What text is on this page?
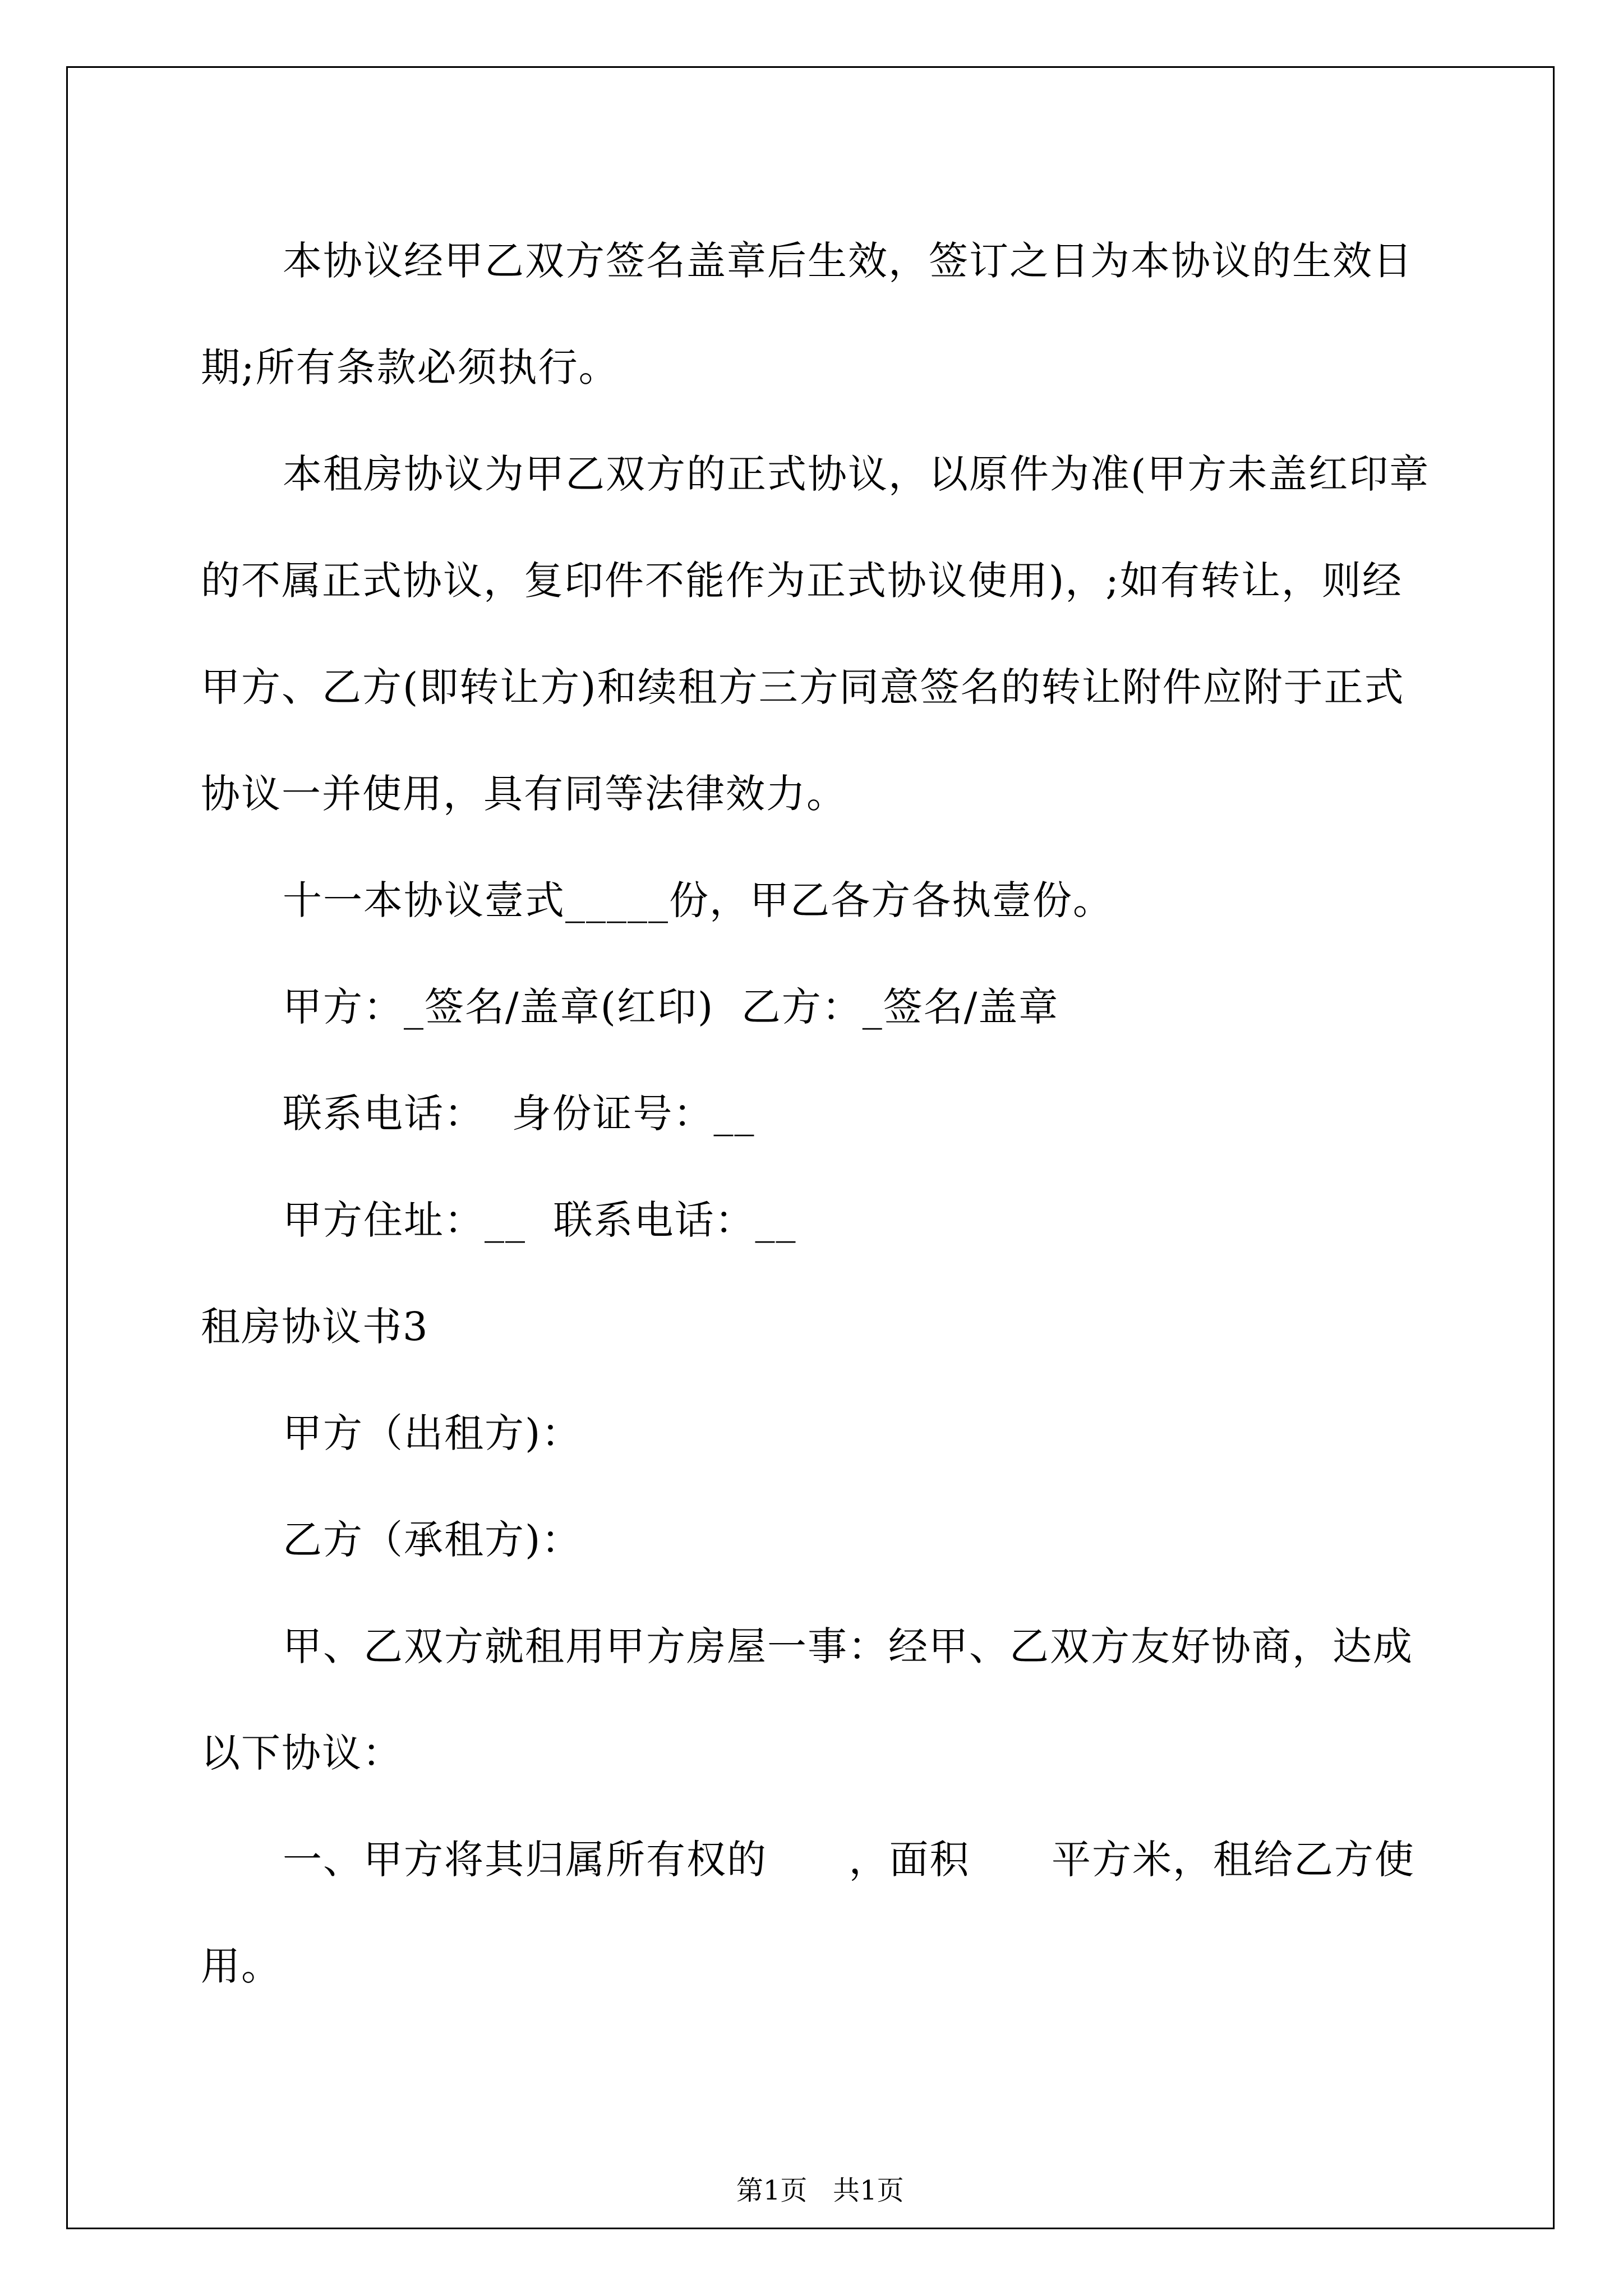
本协议经甲乙双方签名盖章后生效，签订之日为本协议的生效日

期;所有条款必须执行。

本租房协议为甲乙双方的正式协议，以原件为准(甲方未盖红印章

的不属正式协议，复印件不能作为正式协议使用)，;如有转让，则经

甲方、乙方(即转让方)和续租方三方同意签名的转让附件应附于正式

协议一并使用，具有同等法律效力。

十一本协议壹式_____份，甲乙各方各执壹份。

甲方：_签名/盖章(红印)  乙方：_签名/盖章

联系电话：  身份证号：__

甲方住址：__  联系电话：__

租房协议书3

甲方（出租方)：

乙方（承租方)：

甲、乙双方就租用甲方房屋一事：经甲、乙双方友好协商，达成

以下协议：

一、甲方将其归属所有权的      ，面积      平方米，租给乙方使

用。

第1页   共1页
